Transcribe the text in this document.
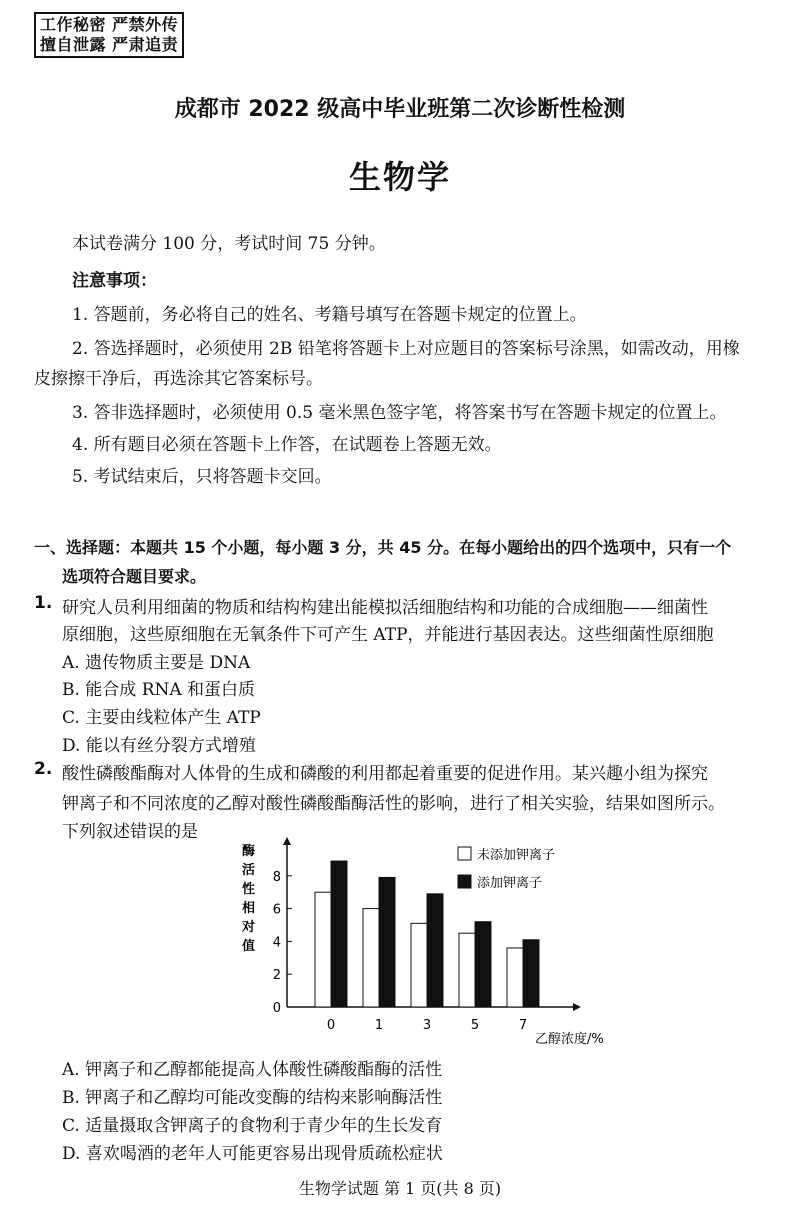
工作秘密 严禁外传
擅自泄露 严肃追责
成都市 2022 级高中毕业班第二次诊断性检测
生物学
本试卷满分 100 分，考试时间 75 分钟。
注意事项：
1. 答题前，务必将自己的姓名、考籍号填写在答题卡规定的位置上。
2. 答选择题时，必须使用 2B 铅笔将答题卡上对应题目的答案标号涂黑，如需改动，用橡
皮擦擦干净后，再选涂其它答案标号。
3. 答非选择题时，必须使用 0.5 毫米黑色签字笔，将答案书写在答题卡规定的位置上。
4. 所有题目必须在答题卡上作答，在试题卷上答题无效。
5. 考试结束后，只将答题卡交回。
一、选择题：本题共 15 个小题，每小题 3 分，共 45 分。在每小题给出的四个选项中，只有一个
选项符合题目要求。
1. 研究人员利用细菌的物质和结构构建出能模拟活细胞结构和功能的合成细胞——细菌性
原细胞，这些原细胞在无氧条件下可产生 ATP，并能进行基因表达。这些细菌性原细胞
A. 遗传物质主要是 DNA
B. 能合成 RNA 和蛋白质
C. 主要由线粒体产生 ATP
D. 能以有丝分裂方式增殖
2. 酸性磷酸酯酶对人体骨的生成和磷酸的利用都起着重要的促进作用。某兴趣小组为探究
钾离子和不同浓度的乙醇对酸性磷酸酯酶活性的影响，进行了相关实验，结果如图所示。
下列叙述错误的是
酶
活
性
相
对
值
0
2
4
6
8
0	1	3	5	7
未添加钾离子
添加钾离子
乙醇浓度/%
A. 钾离子和乙醇都能提高人体酸性磷酸酯酶的活性
B. 钾离子和乙醇均可能改变酶的结构来影响酶活性
C. 适量摄取含钾离子的食物利于青少年的生长发育
D. 喜欢喝酒的老年人可能更容易出现骨质疏松症状
生物学试题 第 1 页(共 8 页)
